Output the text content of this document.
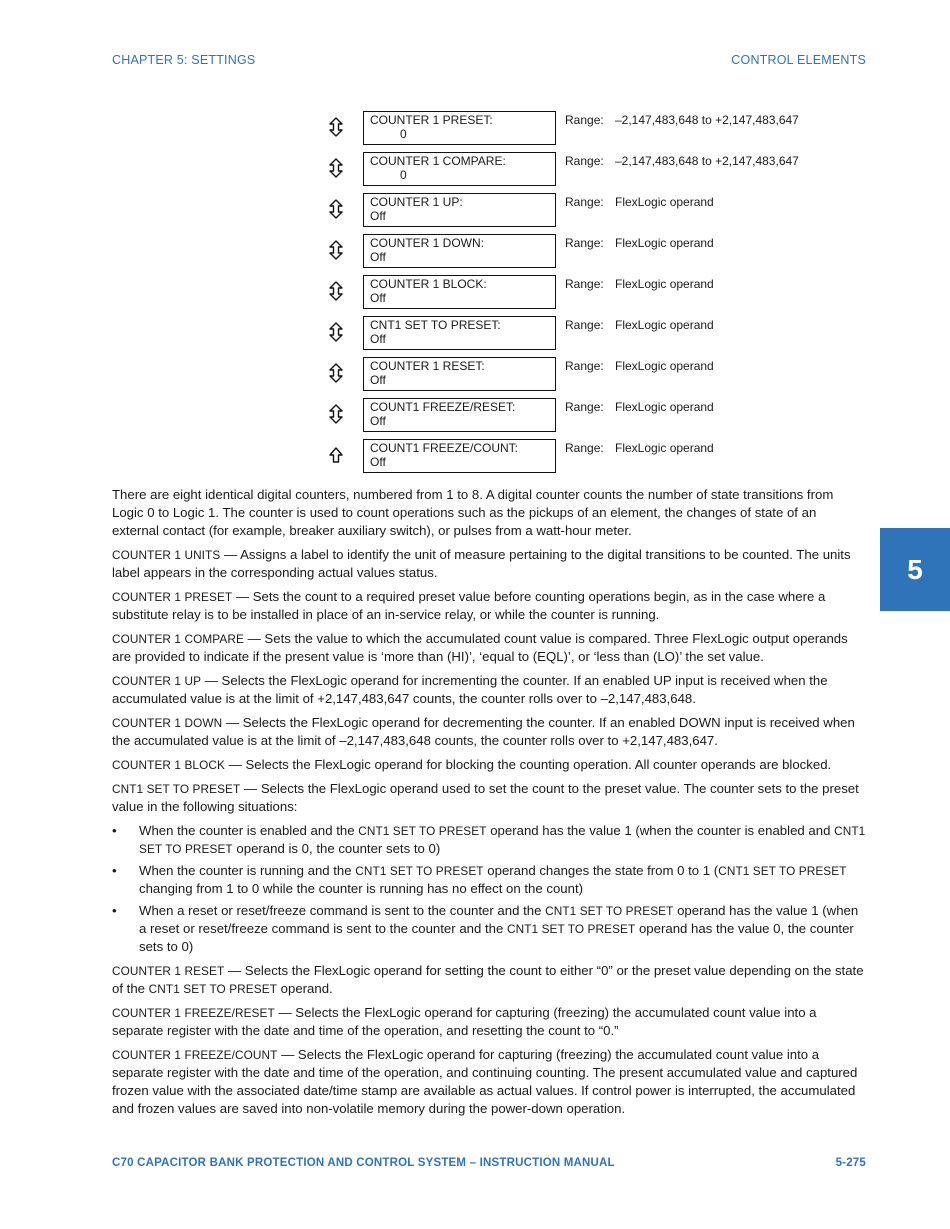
CHAPTER 5: SETTINGS	CONTROL ELEMENTS
5
COUNTER 1 PRESET:
0
Range: –2,147,483,648 to +2,147,483,647
COUNTER 1 COMPARE:
0
Range: –2,147,483,648 to +2,147,483,647
COUNTER 1 UP:
Off
Range: FlexLogic operand
COUNTER 1 DOWN:
Off
Range: FlexLogic operand
COUNTER 1 BLOCK:
Off
Range: FlexLogic operand
CNT1 SET TO PRESET:
Off
Range: FlexLogic operand
COUNTER 1 RESET:
Off
Range: FlexLogic operand
COUNT1 FREEZE/RESET:
Off
Range: FlexLogic operand
COUNT1 FREEZE/COUNT:
Off
Range: FlexLogic operand

There are eight identical digital counters, numbered from 1 to 8. A digital counter counts the number of state transitions from Logic 0 to Logic 1. The counter is used to count operations such as the pickups of an element, the changes of state of an external contact (for example, breaker auxiliary switch), or pulses from a watt-hour meter.

COUNTER 1 UNITS — Assigns a label to identify the unit of measure pertaining to the digital transitions to be counted. The units label appears in the corresponding actual values status.

COUNTER 1 PRESET — Sets the count to a required preset value before counting operations begin, as in the case where a substitute relay is to be installed in place of an in-service relay, or while the counter is running.

COUNTER 1 COMPARE — Sets the value to which the accumulated count value is compared. Three FlexLogic output operands are provided to indicate if the present value is ‘more than (HI)’, ‘equal to (EQL)’, or ‘less than (LO)’ the set value.

COUNTER 1 UP — Selects the FlexLogic operand for incrementing the counter. If an enabled UP input is received when the accumulated value is at the limit of +2,147,483,647 counts, the counter rolls over to –2,147,483,648.

COUNTER 1 DOWN — Selects the FlexLogic operand for decrementing the counter. If an enabled DOWN input is received when the accumulated value is at the limit of –2,147,483,648 counts, the counter rolls over to +2,147,483,647.

COUNTER 1 BLOCK — Selects the FlexLogic operand for blocking the counting operation. All counter operands are blocked.

CNT1 SET TO PRESET — Selects the FlexLogic operand used to set the count to the preset value. The counter sets to the preset value in the following situations:

• When the counter is enabled and the CNT1 SET TO PRESET operand has the value 1 (when the counter is enabled and CNT1 SET TO PRESET operand is 0, the counter sets to 0)
• When the counter is running and the CNT1 SET TO PRESET operand changes the state from 0 to 1 (CNT1 SET TO PRESET changing from 1 to 0 while the counter is running has no effect on the count)
• When a reset or reset/freeze command is sent to the counter and the CNT1 SET TO PRESET operand has the value 1 (when a reset or reset/freeze command is sent to the counter and the CNT1 SET TO PRESET operand has the value 0, the counter sets to 0)

COUNTER 1 RESET — Selects the FlexLogic operand for setting the count to either “0” or the preset value depending on the state of the CNT1 SET TO PRESET operand.

COUNTER 1 FREEZE/RESET — Selects the FlexLogic operand for capturing (freezing) the accumulated count value into a separate register with the date and time of the operation, and resetting the count to “0.”

COUNTER 1 FREEZE/COUNT — Selects the FlexLogic operand for capturing (freezing) the accumulated count value into a separate register with the date and time of the operation, and continuing counting. The present accumulated value and captured frozen value with the associated date/time stamp are available as actual values. If control power is interrupted, the accumulated and frozen values are saved into non-volatile memory during the power-down operation.

C70 CAPACITOR BANK PROTECTION AND CONTROL SYSTEM – INSTRUCTION MANUAL	5-275
